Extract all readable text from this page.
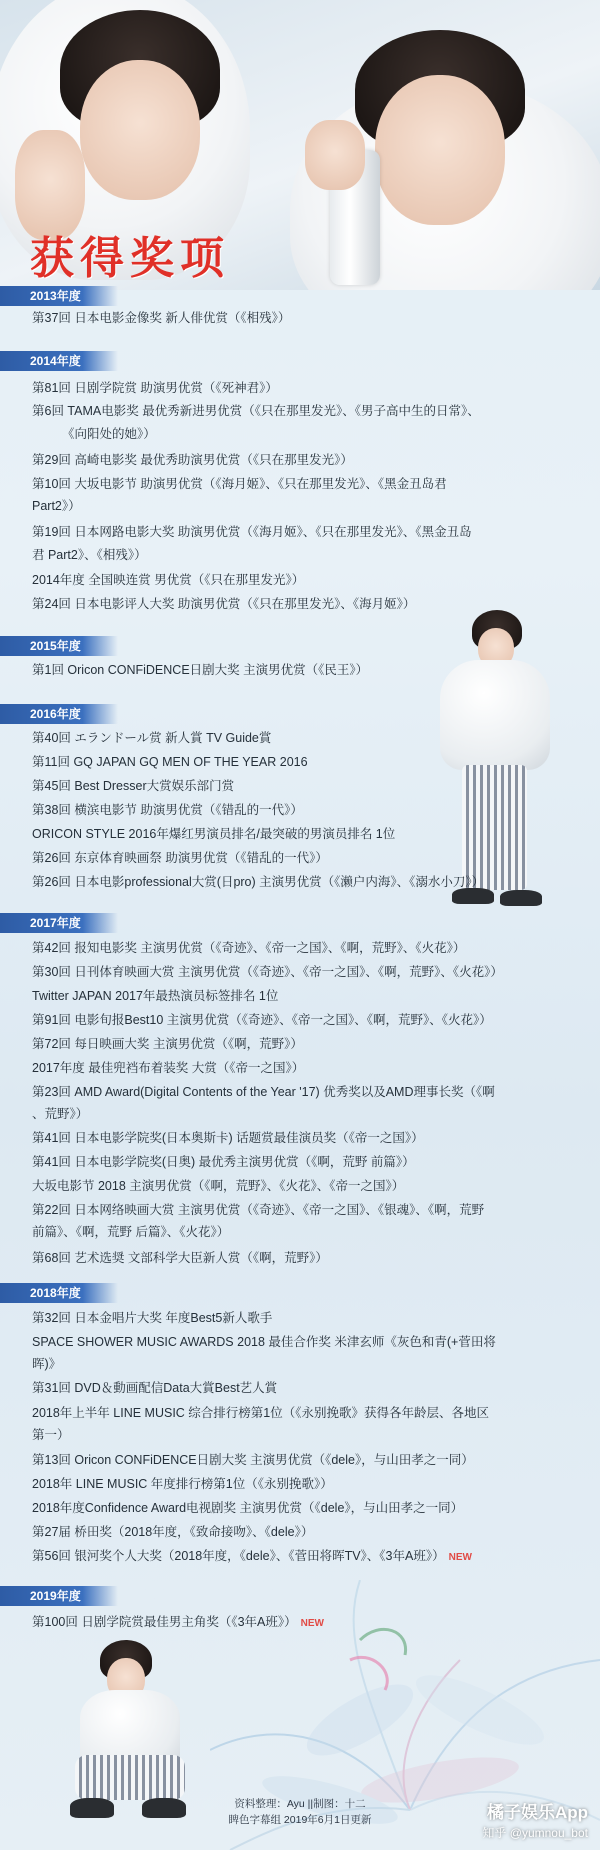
获得奖项
2013年度
第37回 日本电影金像奖 新人俳优赏（《相残》）
2014年度
第81回 日剧学院赏 助演男优赏（《死神君》）
第6回 TAMA电影奖 最优秀新进男优赏（《只在那里发光》、《男子高中生的日常》、
《向阳处的她》）
第29回 高崎电影奖 最优秀助演男优赏（《只在那里发光》）
第10回 大坂电影节 助演男优赏（《海月姬》、《只在那里发光》、《黑金丑岛君
Part2》）
第19回 日本网路电影大奖 助演男优赏（《海月姬》、《只在那里发光》、《黑金丑岛
君 Part2》、《相残》）
2014年度 全国映连赏 男优赏（《只在那里发光》）
第24回 日本电影评人大奖 助演男优赏（《只在那里发光》、《海月姬》）
2015年度
第1回 Oricon CONFiDENCE日剧大奖 主演男优赏（《民王》）
2016年度
第40回 エランドール赏 新人賞 TV Guide賞
第11回 GQ JAPAN GQ MEN OF THE YEAR 2016
第45回 Best Dresser大赏娱乐部门赏
第38回 横滨电影节 助演男优赏（《错乱的一代》）
ORICON STYLE 2016年爆红男演员排名/最突破的男演员排名 1位
第26回 东京体育映画祭 助演男优赏（《错乱的一代》）
第26回 日本电影professional大赏(日pro) 主演男优赏（《濑户内海》、《溺水小刀》）
2017年度
第42回 报知电影奖 主演男优赏（《奇迹》、《帝一之国》、《啊，荒野》、《火花》）
第30回 日刊体育映画大赏 主演男优赏（《奇迹》、《帝一之国》、《啊，荒野》、《火花》）
Twitter JAPAN 2017年最热演员标签排名 1位
第91回 电影旬报Best10 主演男优赏（《奇迹》、《帝一之国》、《啊，荒野》、《火花》）
第72回 每日映画大奖 主演男优赏（《啊，荒野》）
2017年度 最佳兜裆布着装奖 大赏（《帝一之国》）
第23回 AMD Award(Digital Contents of the Year '17) 优秀奖以及AMD理事长奖（《啊
、荒野》）
第41回 日本电影学院奖(日本奥斯卡) 话题赏最佳演员奖（《帝一之国》）
第41回 日本电影学院奖(日奥) 最优秀主演男优赏（《啊，荒野 前篇》）
大坂电影节 2018 主演男优赏（《啊，荒野》、《火花》、《帝一之国》）
第22回 日本网络映画大赏 主演男优赏（《奇迹》、《帝一之国》、《银魂》、《啊，荒野
前篇》、《啊，荒野 后篇》、《火花》）
第68回 艺术选奨 文部科学大臣新人赏（《啊，荒野》）
2018年度
第32回 日本金唱片大奖 年度Best5新人歌手
SPACE SHOWER MUSIC AWARDS 2018 最佳合作奖 米津玄师《灰色和青(+菅田将
晖)》
第31回 DVD＆動画配信Data大賞Best艺人賞
2018年上半年 LINE MUSIC 综合排行榜第1位（《永别挽歌》获得各年龄层、各地区
第一）
第13回 Oricon CONFiDENCE日剧大奖 主演男优赏（《dele》，与山田孝之一同）
2018年 LINE MUSIC 年度排行榜第1位（《永别挽歌》）
2018年度Confidence Award电视剧奖 主演男优赏（《dele》，与山田孝之一同）
第27届 桥田奖（2018年度，《致命接吻》、《dele》）
第56回 银河奖个人大奖（2018年度，《dele》、《菅田将晖TV》、《3年A班》） NEW
2019年度
第100回 日剧学院赏最佳男主角奖（《3年A班》） NEW
资料整理：Ayu ||制图：十二
睥色字幕组 2019年6月1日更新	橘子娱乐App
知乎 @yumnou_bot
